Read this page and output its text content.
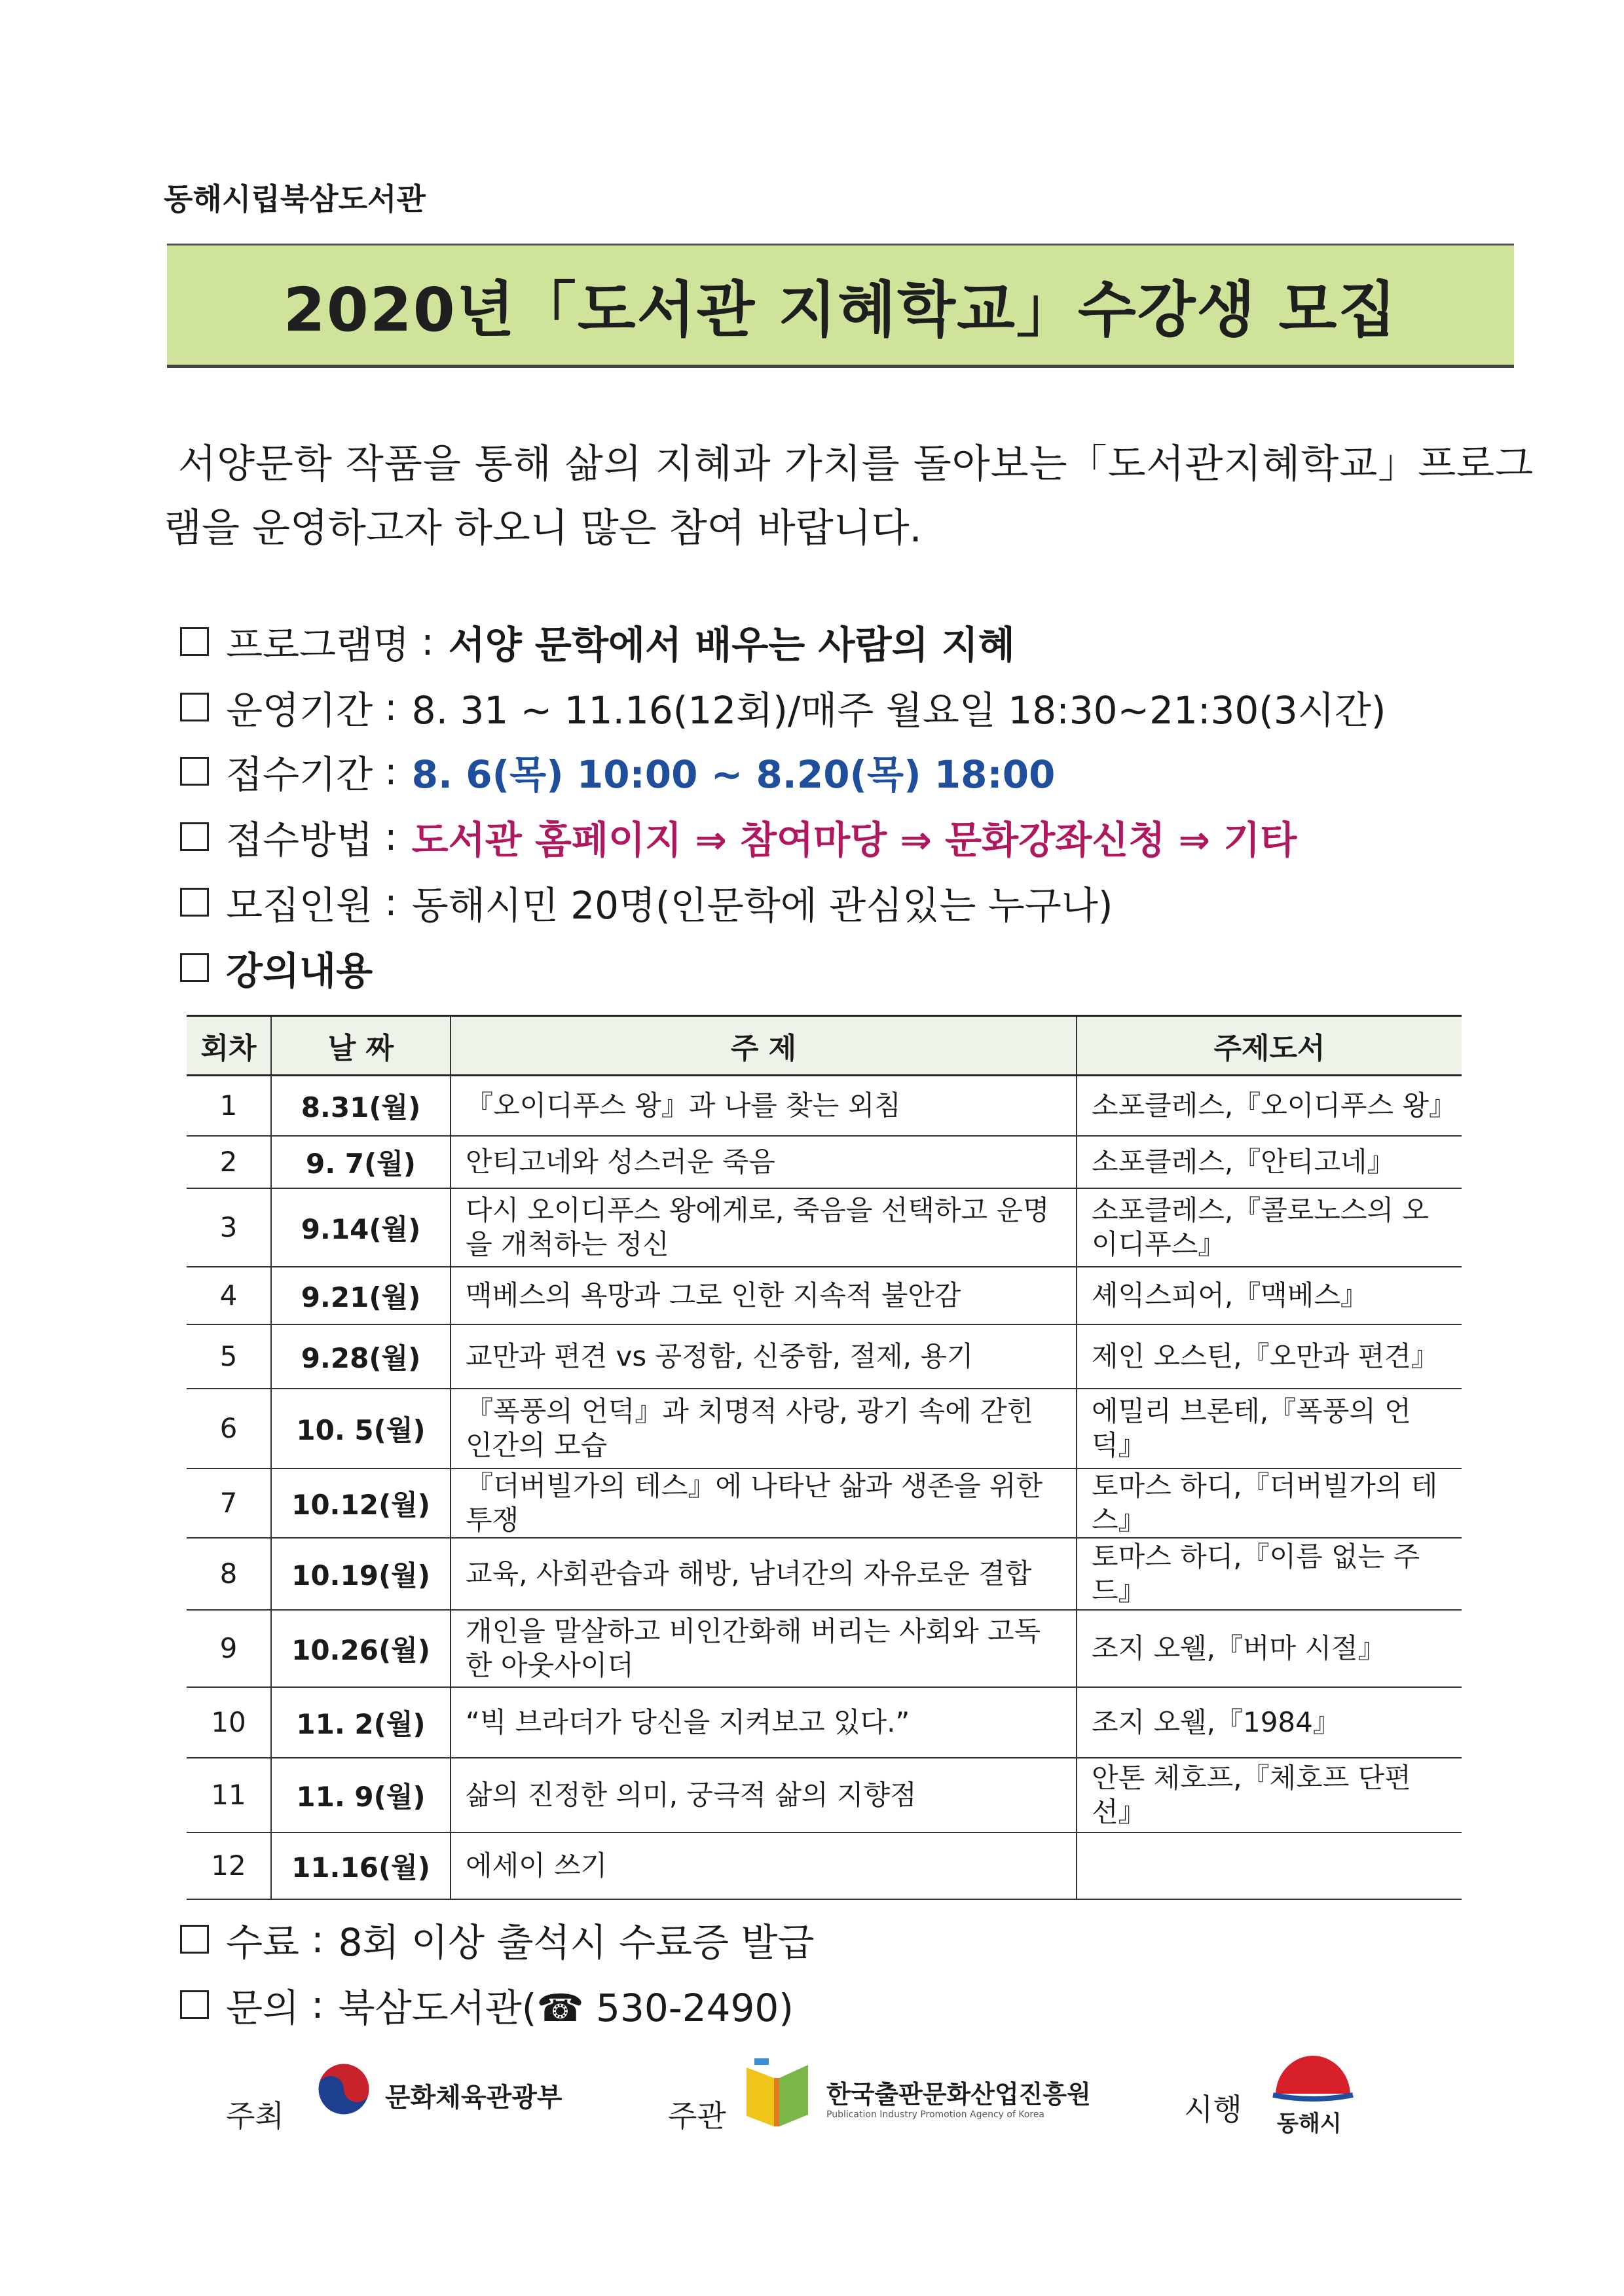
동해시립북삼도서관
2020년「도서관 지혜학교」수강생 모집
서양문학 작품을 통해 삶의 지혜과 가치를 돌아보는「도서관지혜학교」프로그
램을 운영하고자 하오니 많은 참여 바랍니다.
프로그램명 : 서양 문학에서 배우는 사람의 지혜
운영기간 : 8. 31 ~ 11.16(12회)/매주 월요일 18:30~21:30(3시간)
접수기간 : 8. 6(목) 10:00 ~ 8.20(목) 18:00
접수방법 : 도서관 홈페이지 ⇒ 참여마당 ⇒ 문화강좌신청 ⇒ 기타
모집인원 : 동해시민 20명(인문학에 관심있는 누구나)
강의내용
회차	날 짜	주 제	주제도서
1	8.31(월)	『오이디푸스 왕』과 나를 찾는 외침	소포클레스,『오이디푸스 왕』
2	9. 7(월)	안티고네와 성스러운 죽음	소포클레스,『안티고네』
3	9.14(월)	다시 오이디푸스 왕에게로, 죽음을 선택하고 운명을 개척하는 정신	소포클레스,『콜로노스의 오이디푸스』
4	9.21(월)	맥베스의 욕망과 그로 인한 지속적 불안감	셰익스피어,『맥베스』
5	9.28(월)	교만과 편견 vs 공정함, 신중함, 절제, 용기	제인 오스틴,『오만과 편견』
6	10. 5(월)	『폭풍의 언덕』과 치명적 사랑, 광기 속에 갇힌 인간의 모습	에밀리 브론테,『폭풍의 언덕』
7	10.12(월)	『더버빌가의 테스』에 나타난 삶과 생존을 위한 투쟁	토마스 하디,『더버빌가의 테스』
8	10.19(월)	교육, 사회관습과 해방, 남녀간의 자유로운 결합	토마스 하디,『이름 없는 주드』
9	10.26(월)	개인을 말살하고 비인간화해 버리는 사회와 고독한 아웃사이더	조지 오웰,『버마 시절』
10	11. 2(월)	“빅 브라더가 당신을 지켜보고 있다.”	조지 오웰,『1984』
11	11. 9(월)	삶의 진정한 의미, 궁극적 삶의 지향점	안톤 체호프,『체호프 단편선』
12	11.16(월)	에세이 쓰기	
수료 : 8회 이상 출석시 수료증 발급
문의 : 북삼도서관(☎ 530-2490)
주최
문화체육관광부
주관
한국출판문화산업진흥원
Publication Industry Promotion Agency of Korea	시행 동해시
